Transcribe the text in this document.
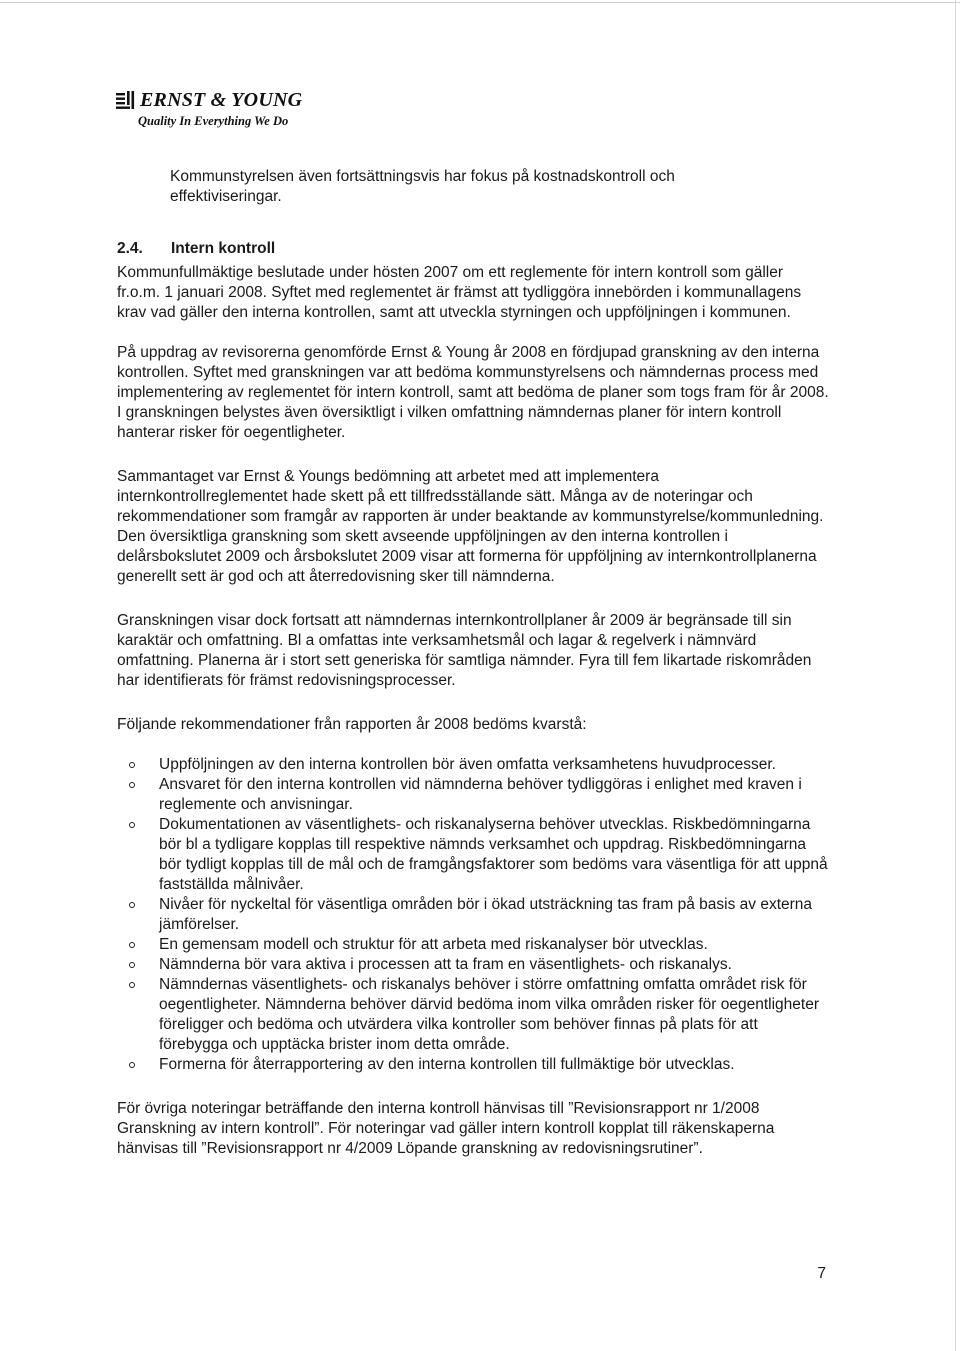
ERNST & YOUNG
Quality In Everything We Do

Kommunstyrelsen även fortsättningsvis har fokus på kostnadskontroll och effektiviseringar.

2.4.	Intern kontroll

Kommunfullmäktige beslutade under hösten 2007 om ett reglemente för intern kontroll som gäller fr.o.m. 1 januari 2008. Syftet med reglementet är främst att tydliggöra innebörden i kommunallagens krav vad gäller den interna kontrollen, samt att utveckla styrningen och uppföljningen i kommunen.

På uppdrag av revisorerna genomförde Ernst & Young år 2008 en fördjupad granskning av den interna kontrollen. Syftet med granskningen var att bedöma kommunstyrelsens och nämndernas process med implementering av reglementet för intern kontroll, samt att bedöma de planer som togs fram för år 2008. I granskningen belystes även översiktligt i vilken omfattning nämndernas planer för intern kontroll hanterar risker för oegentligheter.

Sammantaget var Ernst & Youngs bedömning att arbetet med att implementera internkontrollreglementet hade skett på ett tillfredsställande sätt. Många av de noteringar och rekommendationer som framgår av rapporten är under beaktande av kommunstyrelse/kommunledning. Den översiktliga granskning som skett avseende uppföljningen av den interna kontrollen i delårsbokslutet 2009 och årsbokslutet 2009 visar att formerna för uppföljning av internkontrollplanerna generellt sett är god och att återredovisning sker till nämnderna.

Granskningen visar dock fortsatt att nämndernas internkontrollplaner år 2009 är begränsade till sin karaktär och omfattning. Bl a omfattas inte verksamhetsmål och lagar & regelverk i nämnvärd omfattning. Planerna är i stort sett generiska för samtliga nämnder. Fyra till fem likartade riskområden har identifierats för främst redovisningsprocesser.

Följande rekommendationer från rapporten år 2008 bedöms kvarstå:

Uppföljningen av den interna kontrollen bör även omfatta verksamhetens huvudprocesser.
Ansvaret för den interna kontrollen vid nämnderna behöver tydliggöras i enlighet med kraven i reglemente och anvisningar.
Dokumentationen av väsentlighets- och riskanalyserna behöver utvecklas. Riskbedömningarna bör bl a tydligare kopplas till respektive nämnds verksamhet och uppdrag. Riskbedömningarna bör tydligt kopplas till de mål och de framgångsfaktorer som bedöms vara väsentliga för att uppnå fastställda målnivåer.
Nivåer för nyckeltal för väsentliga områden bör i ökad utsträckning tas fram på basis av externa jämförelser.
En gemensam modell och struktur för att arbeta med riskanalyser bör utvecklas.
Nämnderna bör vara aktiva i processen att ta fram en väsentlighets- och riskanalys.
Nämndernas väsentlighets- och riskanalys behöver i större omfattning omfatta området risk för oegentligheter. Nämnderna behöver därvid bedöma inom vilka områden risker för oegentligheter föreligger och bedöma och utvärdera vilka kontroller som behöver finnas på plats för att förebygga och upptäcka brister inom detta område.
Formerna för återrapportering av den interna kontrollen till fullmäktige bör utvecklas.

För övriga noteringar beträffande den interna kontroll hänvisas till ”Revisionsrapport nr 1/2008 Granskning av intern kontroll”. För noteringar vad gäller intern kontroll kopplat till räkenskaperna hänvisas till ”Revisionsrapport nr 4/2009 Löpande granskning av redovisningsrutiner”.

7
